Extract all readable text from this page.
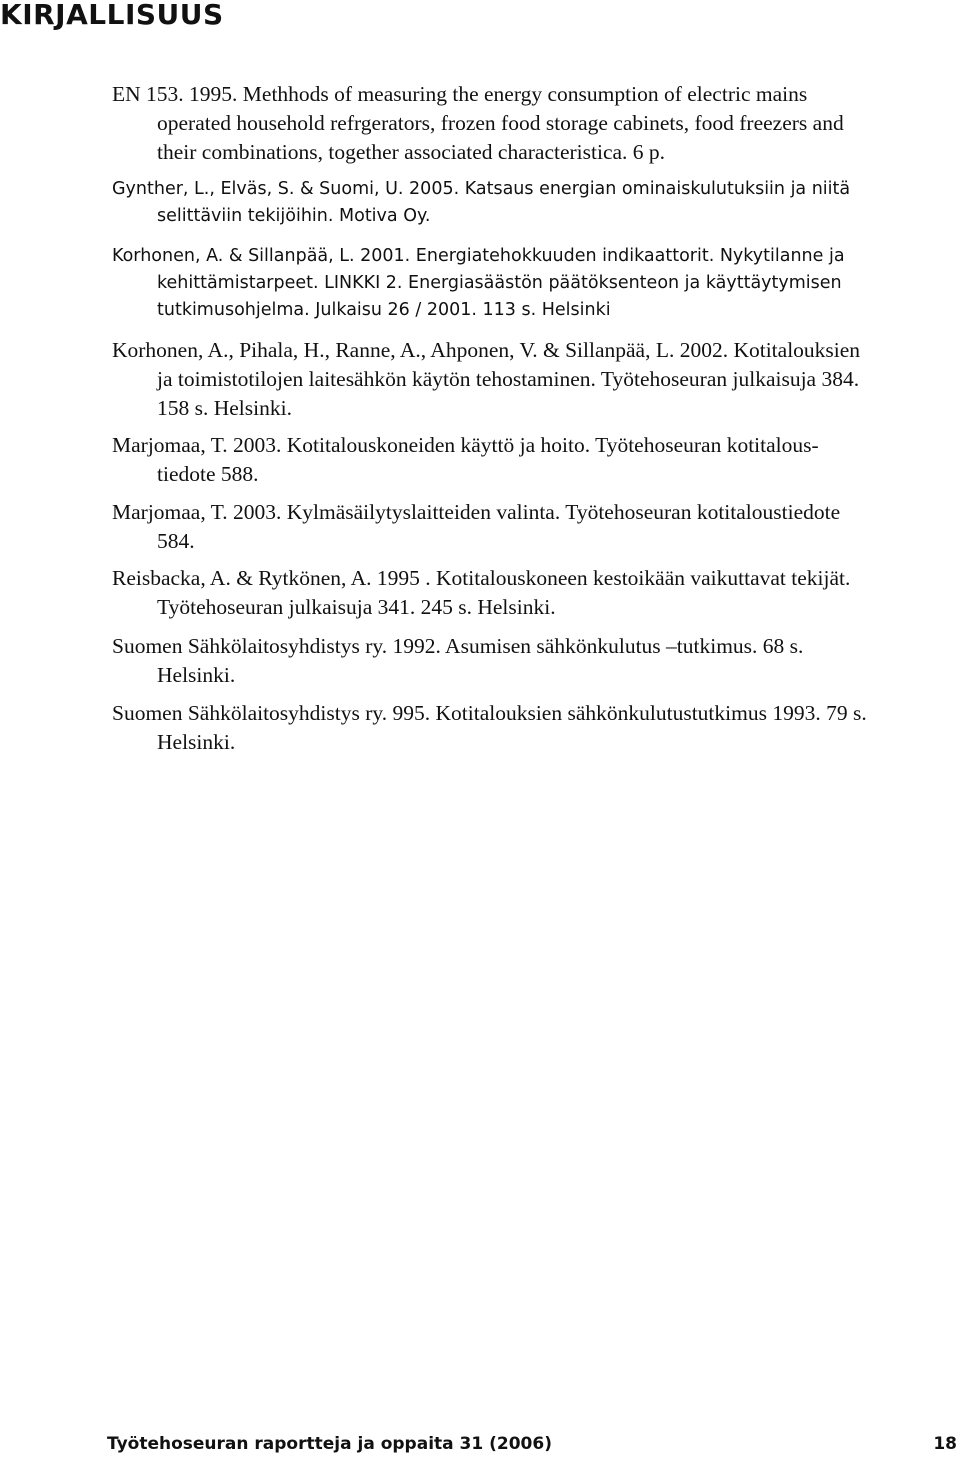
KIRJALLISUUS
EN 153. 1995. Methhods of measuring the energy consumption of electric mains
operated household refrgerators, frozen food storage cabinets, food freezers and
their combinations, together associated characteristica. 6 p.
Gynther, L., Elväs, S. & Suomi, U. 2005. Katsaus energian ominaiskulutuksiin ja niitä
selittäviin tekijöihin. Motiva Oy.
Korhonen, A. & Sillanpää, L. 2001. Energiatehokkuuden indikaattorit. Nykytilanne ja
kehittämistarpeet. LINKKI 2. Energiasäästön päätöksenteon ja käyttäytymisen
tutkimusohjelma. Julkaisu 26 / 2001. 113 s. Helsinki
Korhonen, A., Pihala, H., Ranne, A., Ahponen, V. & Sillanpää, L. 2002. Kotitalouksien
ja toimistotilojen laitesähkön käytön tehostaminen. Työtehoseuran julkaisuja 384.
158 s. Helsinki.
Marjomaa, T. 2003. Kotitalouskoneiden käyttö ja hoito. Työtehoseuran kotitalous-
tiedote 588.
Marjomaa, T. 2003. Kylmäsäilytyslaitteiden valinta. Työtehoseuran kotitaloustiedote
584.
Reisbacka, A. & Rytkönen, A. 1995 . Kotitalouskoneen kestoikään vaikuttavat tekijät.
Työtehoseuran julkaisuja 341. 245 s. Helsinki.
Suomen Sähkölaitosyhdistys ry. 1992. Asumisen sähkönkulutus –tutkimus. 68 s.
Helsinki.
Suomen Sähkölaitosyhdistys ry. 995. Kotitalouksien sähkönkulutustutkimus 1993. 79 s.
Helsinki.
Työtehoseuran raportteja ja oppaita 31 (2006)	18
